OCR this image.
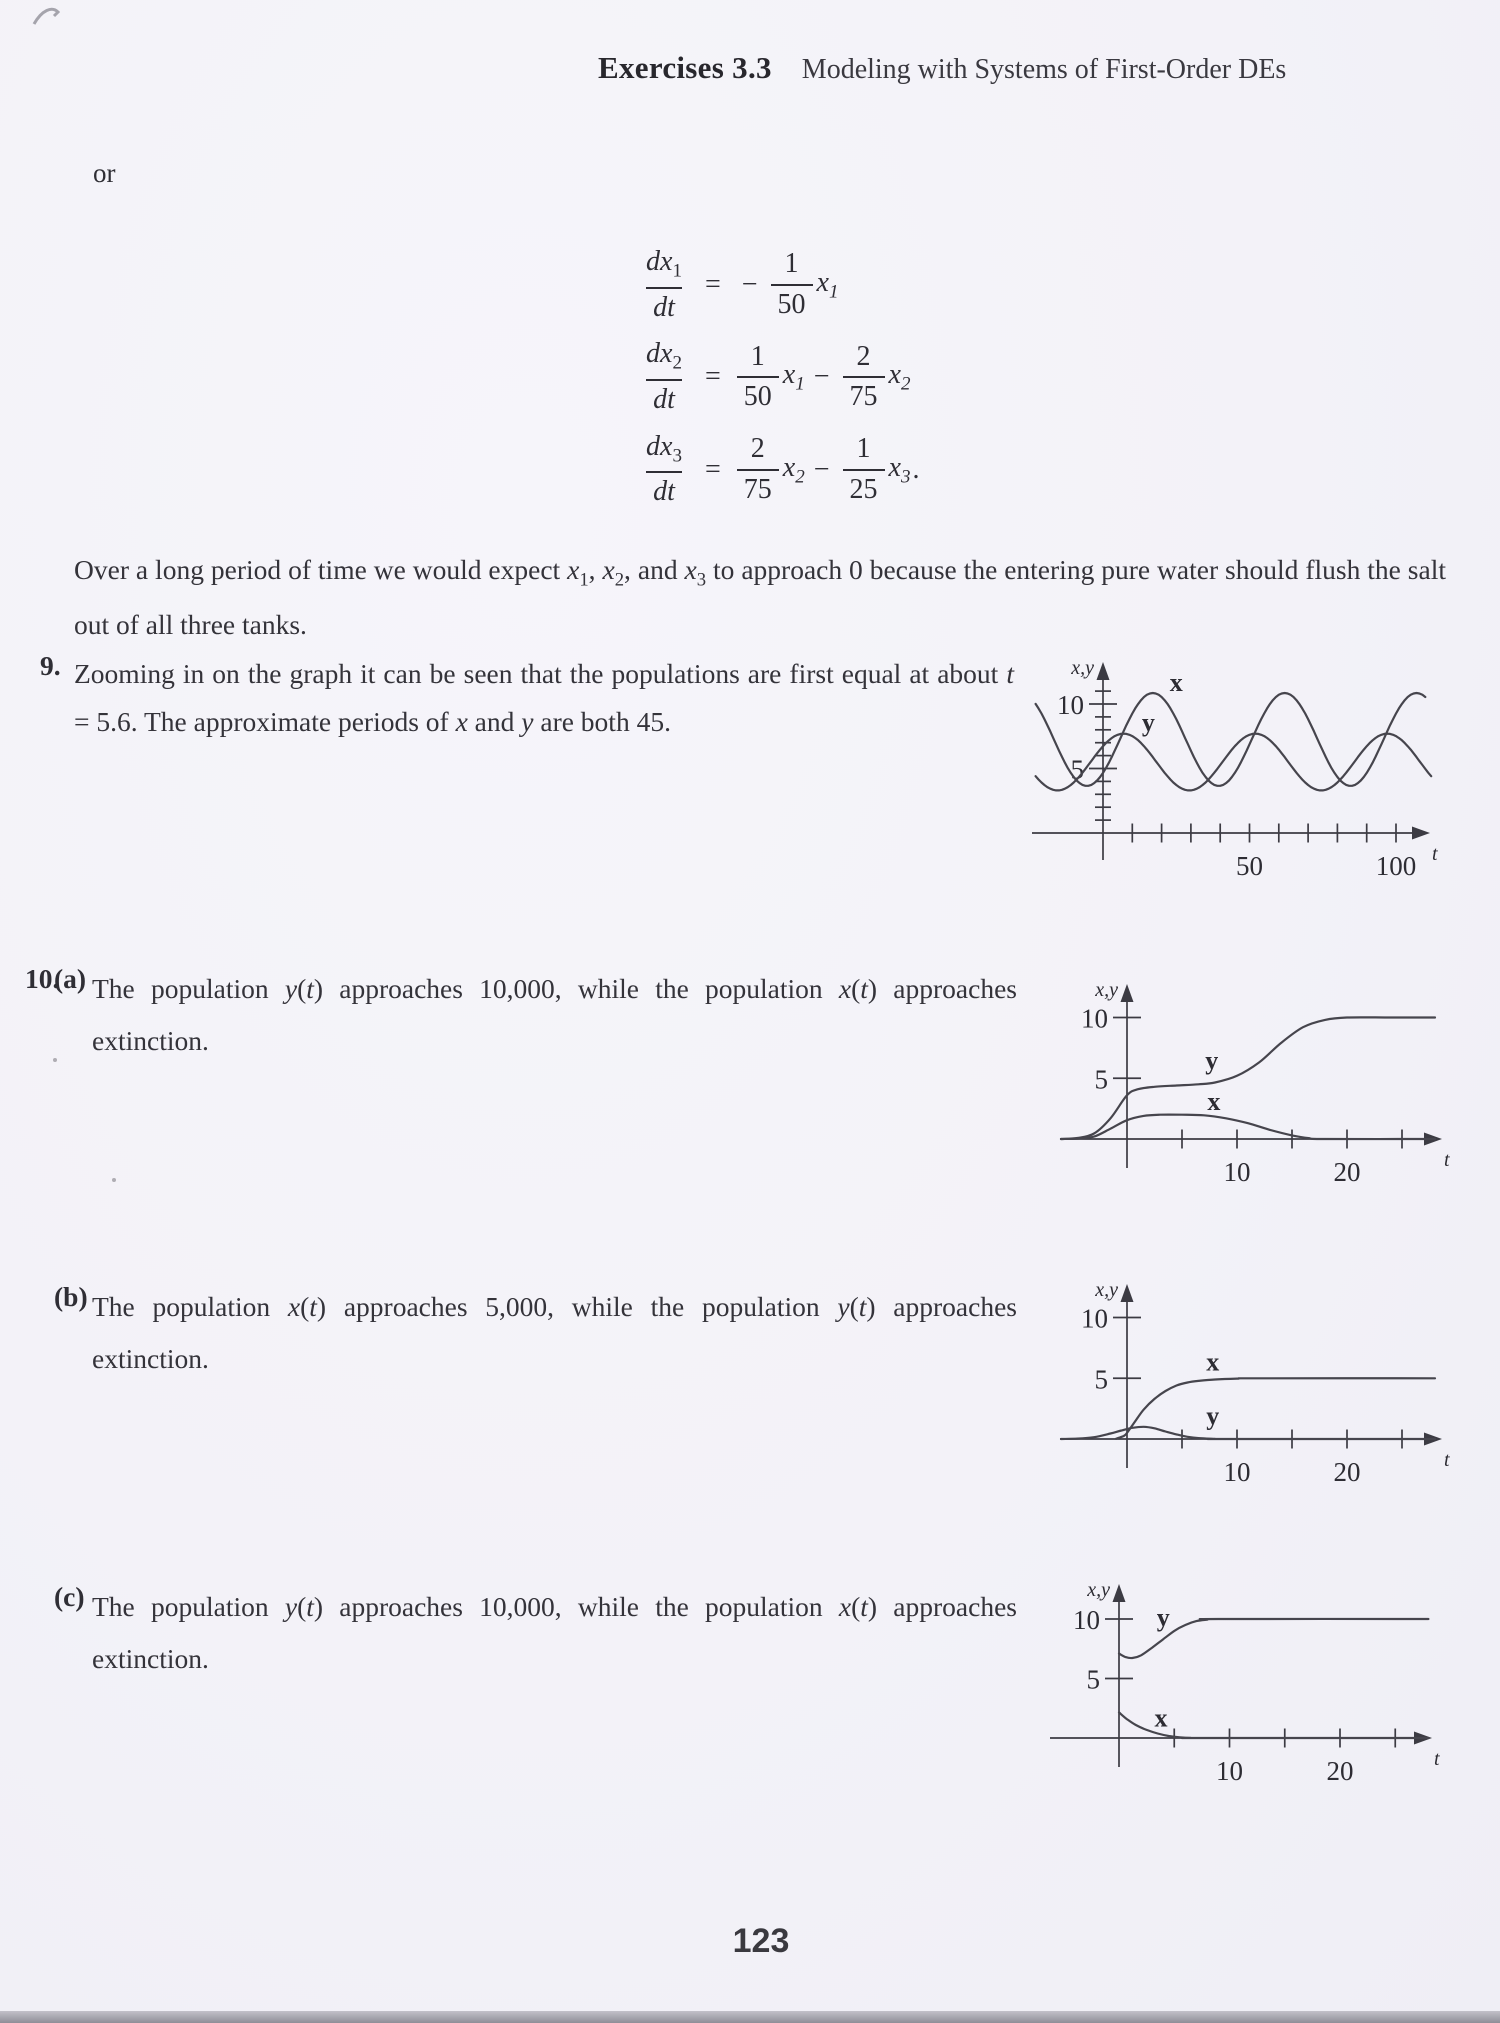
Exercises 3.3 Modeling with Systems of First-Order DEs
or
$\frac{dx_1}{dt}$ = − $\frac{1}{50} x_1$
$\frac{dx_2}{dt} = \frac{1}{50} x_1 - \frac{2}{75} x_2$
$\frac{dx_3}{dt} = \frac{2}{75} x_2 - \frac{1}{25} x_3$ .
Over a long period of time we would expect $x_1$, $x_2$, and $x_3$ to approach 0 because the entering pure water should flush the salt out of all three tanks.
9. Zooming in on the graph it can be seen that the populations are first equal at about t = 5.6. The approximate periods of x and y are both 45.
t
x,y
50	100
10
5
x
y
10.
(a) The population y(t) approaches 10,000, while the population x(t) approaches extinction.
t
x,y
10	20
10
5
y
x
(b) The population x(t) approaches 5,000, while the population y(t) approaches extinction.
t
x,y
10	20
10
5
x
y
(c) The population y(t) approaches 10,000, while the population x(t) approaches extinction.
t
x,y
10	20
10
5
y
x
123
